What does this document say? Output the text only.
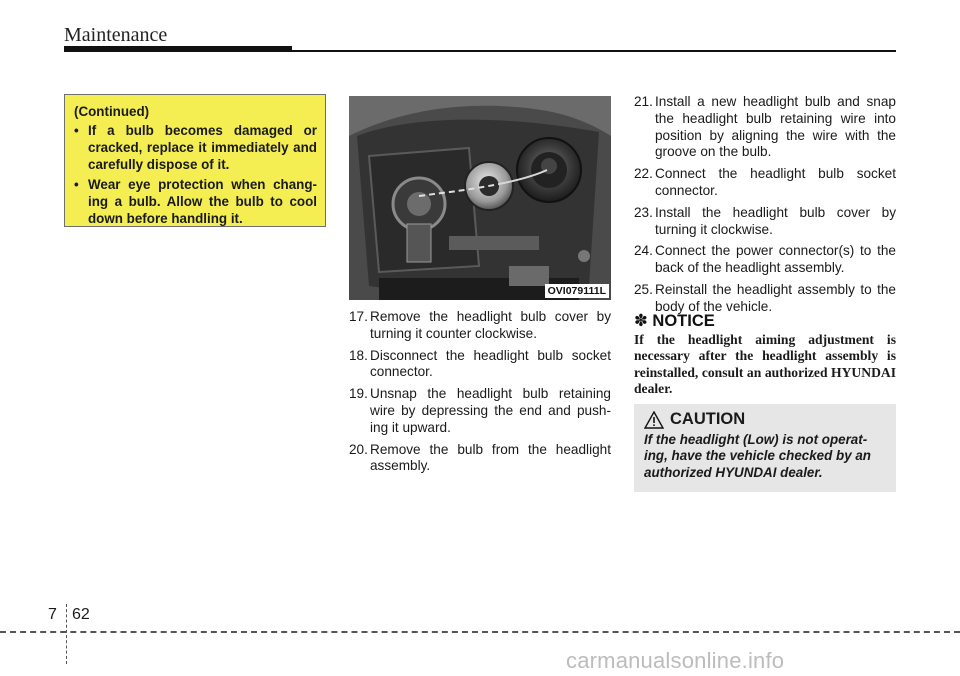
Maintenance
(Continued)
• If a bulb becomes damaged or cracked, replace it immediately and carefully dispose of it.
• Wear eye protection when chang-ing a bulb. Allow the bulb to cool down before handling it.
OVI079111L
17. Remove the headlight bulb cover by turning it counter clockwise.
18. Disconnect the headlight bulb socket connector.
19. Unsnap the headlight bulb retaining wire by depressing the end and push-ing it upward.
20. Remove the bulb from the headlight assembly.
21. Install a new headlight bulb and snap the headlight bulb retaining wire into position by aligning the wire with the groove on the bulb.
22. Connect the headlight bulb socket connector.
23. Install the headlight bulb cover by turning it clockwise.
24. Connect the power connector(s) to the back of the headlight assembly.
25. Reinstall the headlight assembly to the body of the vehicle.
✽ NOTICE
If the headlight aiming adjustment is necessary after the headlight assembly is reinstalled, consult an authorized HYUNDAI dealer.
CAUTION
If the headlight (Low) is not operat-ing, have the vehicle checked by an authorized HYUNDAI dealer.
7 62
carmanualsonline.info
